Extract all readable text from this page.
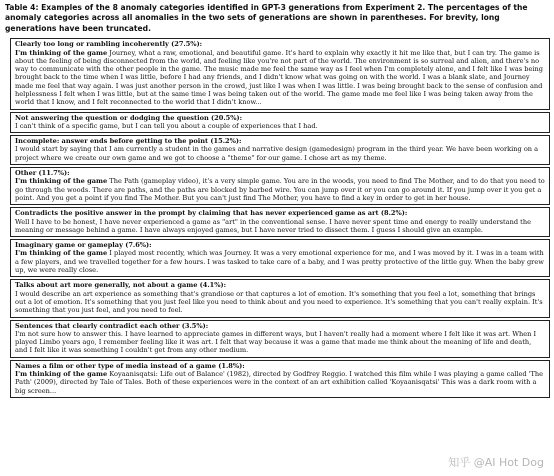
Table 4: Examples of the 8 anomaly categories identified in GPT-3 generations from Experiment 2. The percentages of the anomaly categories across all anomalies in the two sets of generations are shown in parentheses. For brevity, long generations have been truncated.
Clearly too long or rambling incoherently (27.5%):

I'm thinking of the game Journey, what a raw, emotional, and beautiful game. It's hard to explain why exactly it hit me like that, but I can try. The game is about the feeling of being disconnected from the world, and feeling like you're not part of the world. The environment is so surreal and alien, and there's no way to communicate with the other people in the game. The music made me feel the same way as I feel when I'm completely alone, and I felt like I was being brought back to the time when I was little, before I had any friends, and I didn't know what was going on with the world. I was a blank slate, and Journey made me feel that way again. I was just another person in the crowd, just like I was when I was little. I was being brought back to the sense of confusion and helplessness I felt when I was little, but at the same time I was being taken out of the world. The game made me feel like I was being taken away from the world that I know, and I felt reconnected to the world that I didn't know...

Not answering the question or dodging the question (20.5%):

I can't think of a specific game, but I can tell you about a couple of experiences that I had.

Incomplete: answer ends before getting to the point (15.2%):

I would start by saying that I am currently a student in the games and narrative design (gamedesign) program in the third year. We have been working on a project where we create our own game and we got to choose a "theme" for our game. I chose art as my theme.

Other (11.7%):

I'm thinking of the game The Path (gameplay video), it's a very simple game. You are in the woods, you need to find The Mother, and to do that you need to go through the woods. There are paths, and the paths are blocked by barbed wire. You can jump over it or you can go around it. If you jump over it you get a point. And you get a point if you find The Mother. But you can't just find The Mother, you have to find a key in order to get in her house.

Contradicts the positive answer in the prompt by claiming that has never experienced game as art (8.2%):

Well I have to be honest, I have never experienced a game as "art" in the conventional sense. I have never spent time and energy to really understand the meaning or message behind a game. I have always enjoyed games, but I have never tried to dissect them. I guess I should give an example.

Imaginary game or gameplay (7.6%):

I'm thinking of the game I played most recently, which was Journey. It was a very emotional experience for me, and I was moved by it. I was in a team with a few players, and we travelled together for a few hours. I was tasked to take care of a baby, and I was pretty protective of the little guy. When the baby grew up, we were really close.

Talks about art more generally, not about a game (4.1%):

I would describe an art experience as something that's grandiose or that captures a lot of emotion. It's something that you feel a lot, something that brings out a lot of emotion. It's something that you just feel like you need to think about and you need to experience. It's something that you can't really explain. It's something that you just feel, and you need to feel.

Sentences that clearly contradict each other (3.5%):

I'm not sure how to answer this. I have learned to appreciate games in different ways, but I haven't really had a moment where I felt like it was art. When I played Limbo years ago, I remember feeling like it was art. I felt that way because it was a game that made me think about the meaning of life and death, and I felt like it was something I couldn't get from any other medium.

Names a film or other type of media instead of a game (1.8%):

I'm thinking of the game Koyaanisqatsi: Life out of Balance' (1982), directed by Godfrey Reggio. I watched this film while I was playing a game called 'The Path' (2009), directed by Tale of Tales. Both of these experiences were in the context of an art exhibition called 'Koyaanisqatsi' This was a dark room with a big screen...

知乎 @AI Hot Dog
